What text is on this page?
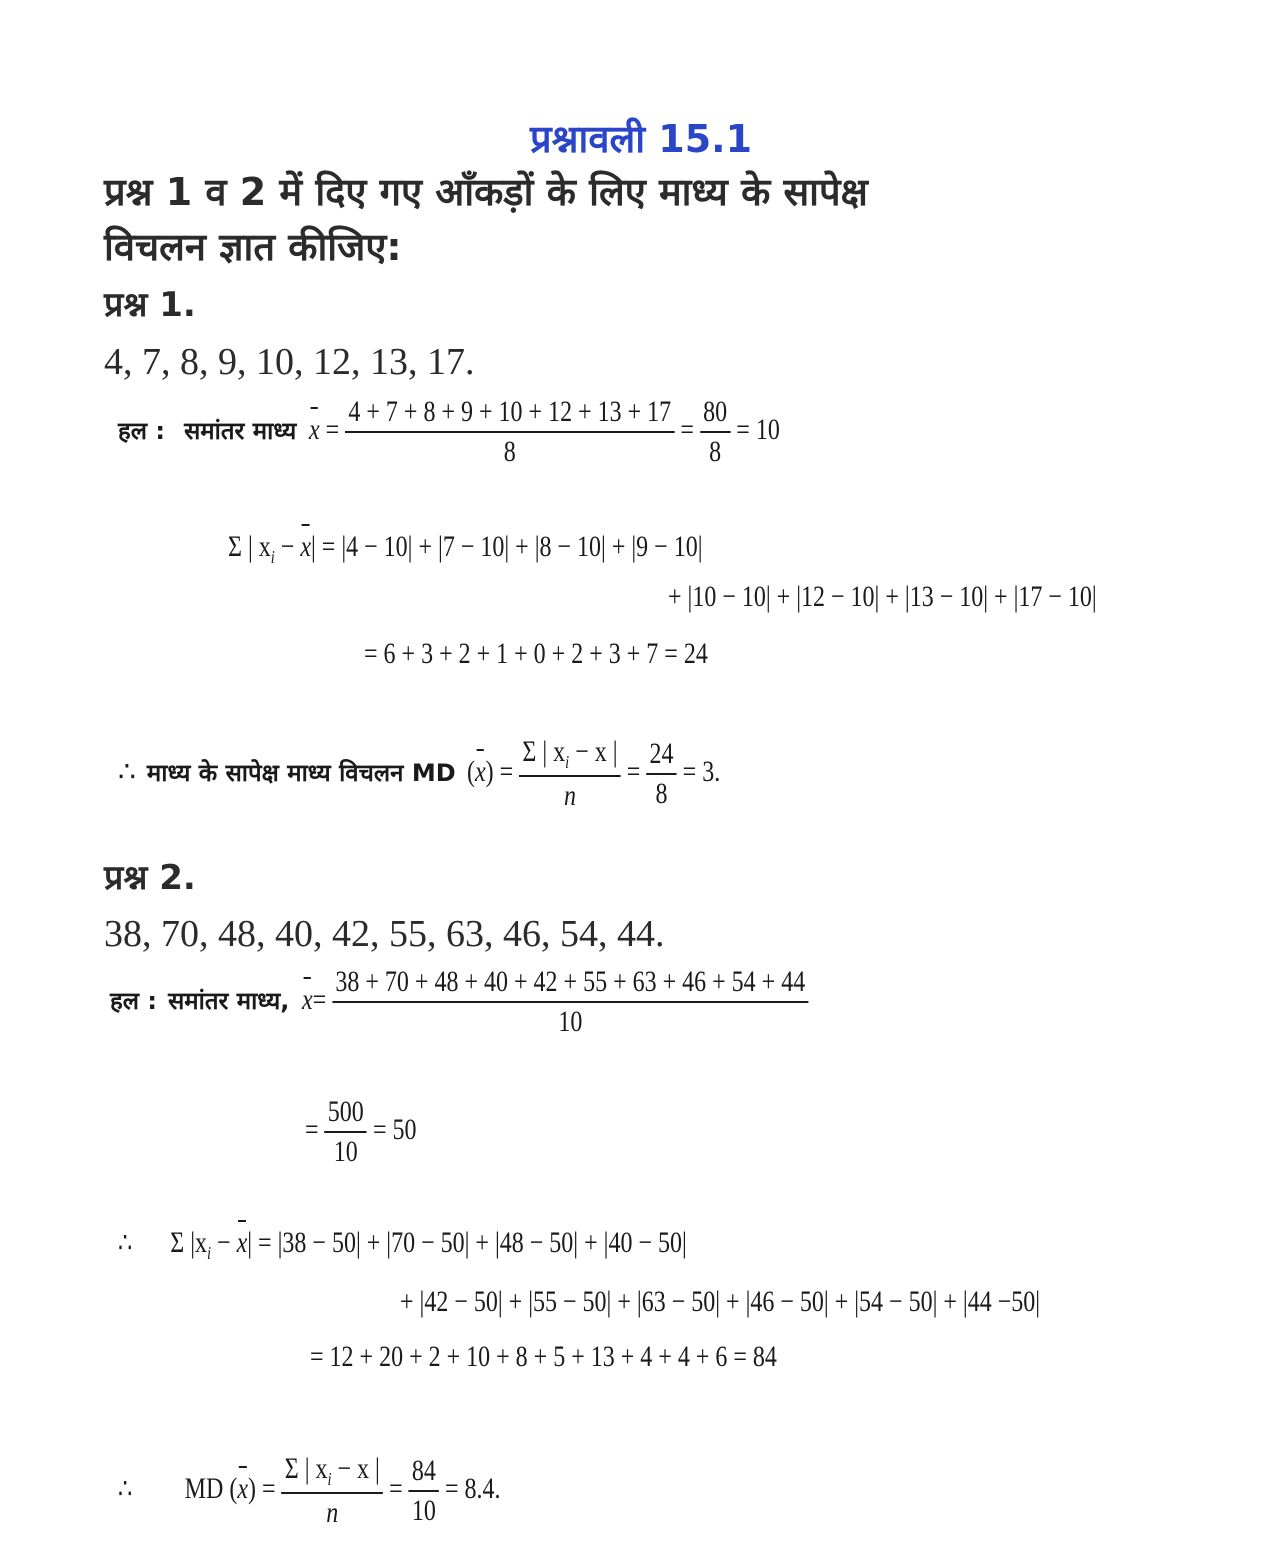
प्रश्नावली 15.1
प्रश्न 1 व 2 में दिए गए आँकड़ों के लिए माध्य के सापेक्ष
विचलन ज्ञात कीजिए:
प्रश्न 1.
4, 7, 8, 9, 10, 12, 13, 17.
हल : समांतर माध्य $x = \frac{4 + 7 + 8 + 9 + 10 + 12 + 13 + 17}{8} = \frac{80}{8} = 10$
Σ | $x_i - x| = |4 - 10| + |7 - 10| + |8 - 10| + |9 - 10|$
+ |10 − 10| + |12 − 10| + |13 − 10| + |17 − 10|
= 6 + 3 + 2 + 1 + 0 + 2 + 3 + 7 = 24
∴ माध्य के सापेक्ष माध्य विचलन MD $(x) = \frac{\Sigma | x_i - x |}{n} = \frac{24}{8} = 3$.
प्रश्न 2.
38, 70, 48, 40, 42, 55, 63, 46, 54, 44.
हल : समांतर माध्य, $x= \frac{38 + 70 + 48 + 40 + 42 + 55 + 63 + 46 + 54 + 44}{10}$
= $\frac{500}{10} = 50$
∴ Σ $|x_i - x| = |38 - 50| + |70 - 50| + |48 - 50| + |40 - 50|$
+ |42 − 50| + |55 − 50| + |63 − 50| + |46 − 50| + |54 − 50| + |44 −50|
= 12 + 20 + 2 + 10 + 8 + 5 + 13 + 4 + 4 + 6 = 84
∴ MD $(x) = \frac{\Sigma | x_i - x |}{n} = \frac{84}{10} = 8.4$.
